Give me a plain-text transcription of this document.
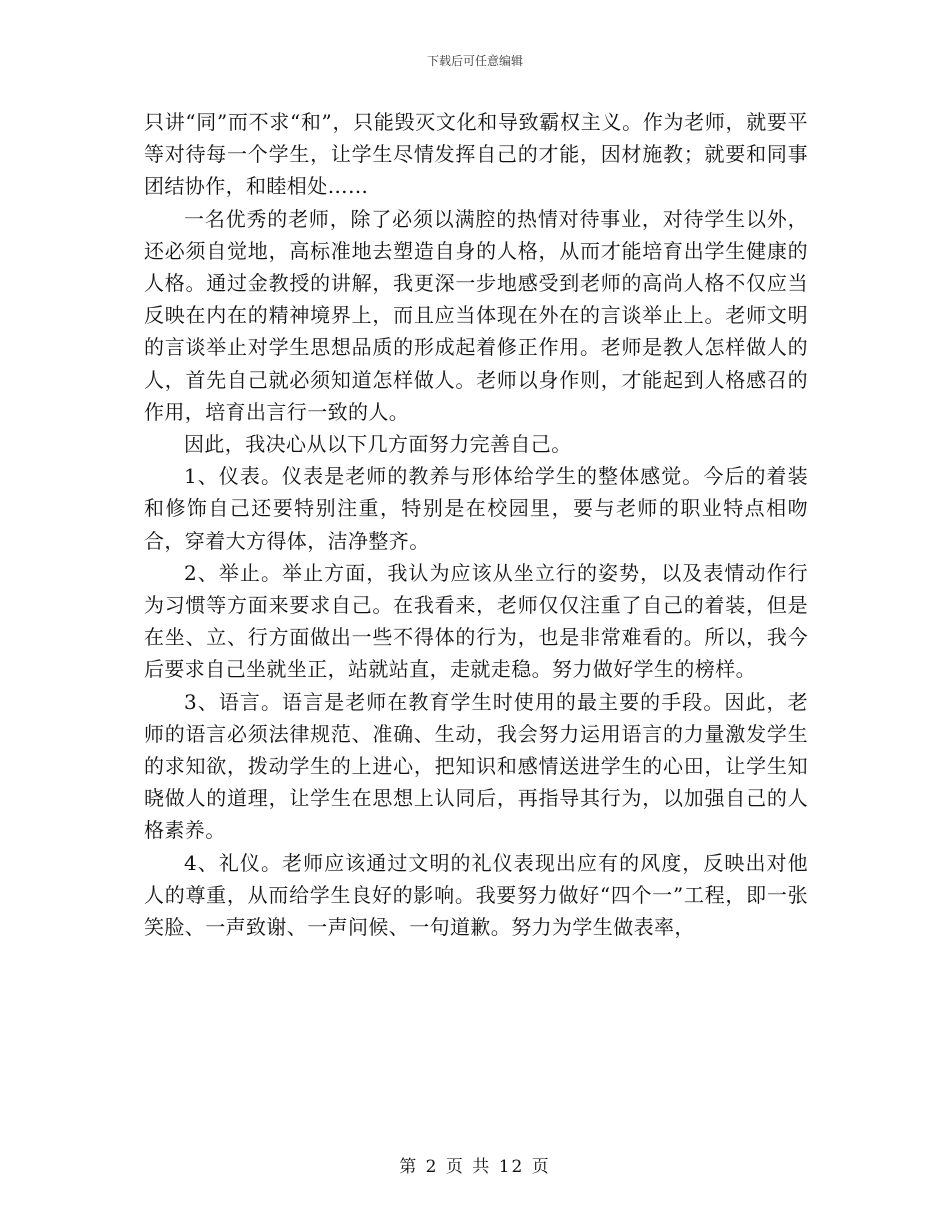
下载后可任意编辑

只讲“同”而不求“和”，只能毁灭文化和导致霸权主义。作为老师，就要平等对待每一个学生，让学生尽情发挥自己的才能，因材施教；就要和同事团结协作，和睦相处……

一名优秀的老师，除了必须以满腔的热情对待事业，对待学生以外，还必须自觉地，高标准地去塑造自身的人格，从而才能培育出学生健康的人格。通过金教授的讲解，我更深一步地感受到老师的高尚人格不仅应当反映在内在的精神境界上，而且应当体现在外在的言谈举止上。老师文明的言谈举止对学生思想品质的形成起着修正作用。老师是教人怎样做人的人，首先自己就必须知道怎样做人。老师以身作则，才能起到人格感召的作用，培育出言行一致的人。

因此，我决心从以下几方面努力完善自己。

1、仪表。仪表是老师的教养与形体给学生的整体感觉。今后的着装和修饰自己还要特别注重，特别是在校园里，要与老师的职业特点相吻合，穿着大方得体，洁净整齐。

2、举止。举止方面，我认为应该从坐立行的姿势，以及表情动作行为习惯等方面来要求自己。在我看来，老师仅仅注重了自己的着装，但是在坐、立、行方面做出一些不得体的行为，也是非常难看的。所以，我今后要求自己坐就坐正，站就站直，走就走稳。努力做好学生的榜样。

3、语言。语言是老师在教育学生时使用的最主要的手段。因此，老师的语言必须法律规范、准确、生动，我会努力运用语言的力量激发学生的求知欲，拨动学生的上进心，把知识和感情送进学生的心田，让学生知晓做人的道理，让学生在思想上认同后，再指导其行为，以加强自己的人格素养。

4、礼仪。老师应该通过文明的礼仪表现出应有的风度，反映出对他人的尊重，从而给学生良好的影响。我要努力做好“四个一”工程，即一张笑脸、一声致谢、一声问候、一句道歉。努力为学生做表率，

第 2 页 共 12 页
